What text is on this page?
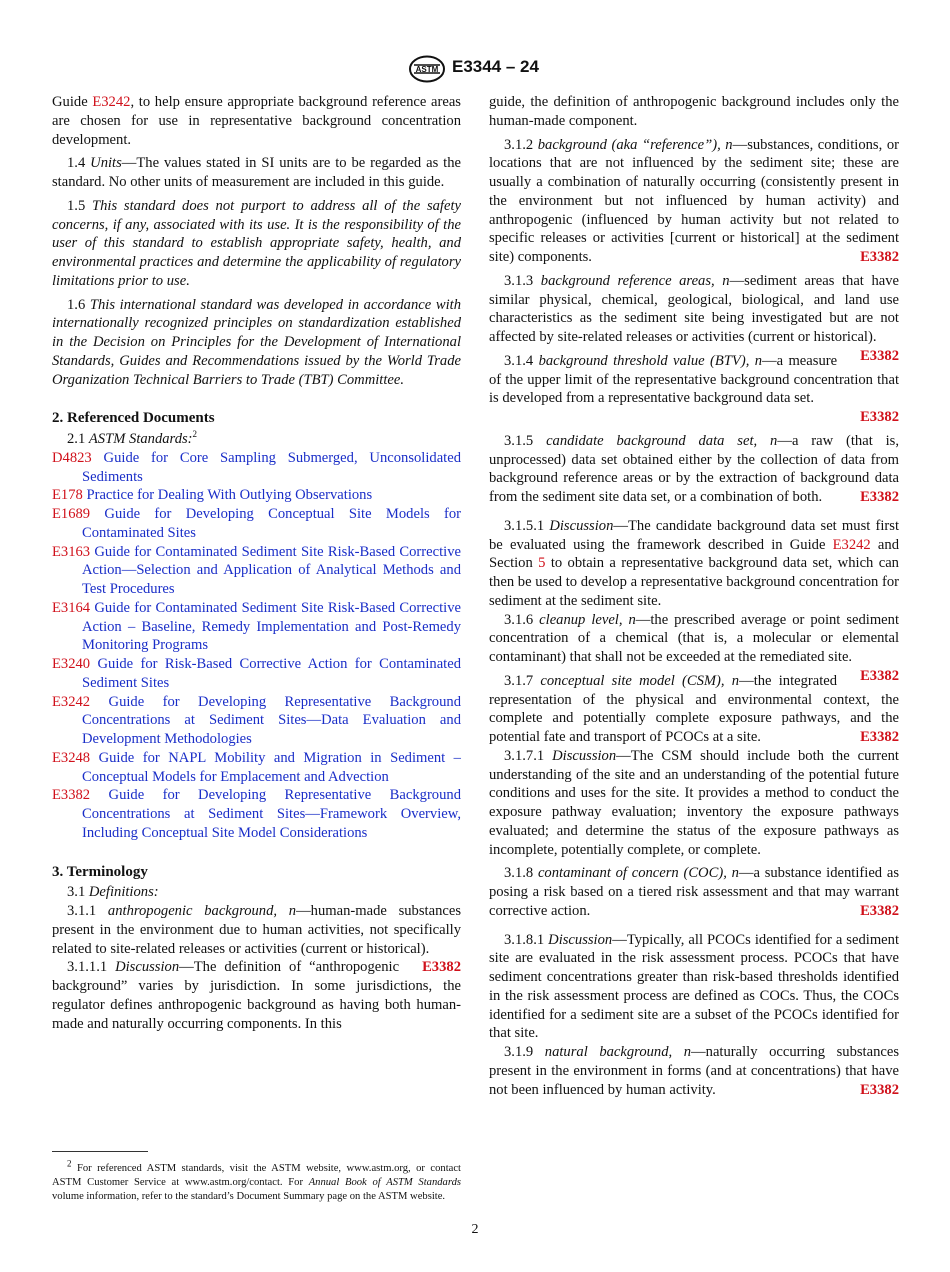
ASTM E3344 – 24

Guide E3242, to help ensure appropriate background reference areas are chosen for use in representative background concentration development.

1.4 Units—The values stated in SI units are to be regarded as the standard. No other units of measurement are included in this guide.

1.5 This standard does not purport to address all of the safety concerns, if any, associated with its use. It is the responsibility of the user of this standard to establish appropriate safety, health, and environmental practices and determine the applicability of regulatory limitations prior to use.

1.6 This international standard was developed in accordance with internationally recognized principles on standardization established in the Decision on Principles for the Development of International Standards, Guides and Recommendations issued by the World Trade Organization Technical Barriers to Trade (TBT) Committee.

2. Referenced Documents

2.1 ASTM Standards:$^2$

D4823 Guide for Core Sampling Submerged, Unconsolidated Sediments
E178 Practice for Dealing With Outlying Observations
E1689 Guide for Developing Conceptual Site Models for Contaminated Sites
E3163 Guide for Contaminated Sediment Site Risk-Based Corrective Action—Selection and Application of Analytical Methods and Test Procedures
E3164 Guide for Contaminated Sediment Site Risk-Based Corrective Action – Baseline, Remedy Implementation and Post-Remedy Monitoring Programs
E3240 Guide for Risk-Based Corrective Action for Contaminated Sediment Sites
E3242 Guide for Developing Representative Background Concentrations at Sediment Sites—Data Evaluation and Development Methodologies
E3248 Guide for NAPL Mobility and Migration in Sediment – Conceptual Models for Emplacement and Advection
E3382 Guide for Developing Representative Background Concentrations at Sediment Sites—Framework Overview, Including Conceptual Site Model Considerations
3. Terminology

3.1 Definitions:

3.1.1 anthropogenic background, n—human-made substances present in the environment due to human activities, not specifically related to site-related releases or activities (current or historical).
E3382

3.1.1.1 Discussion—The definition of “anthropogenic background” varies by jurisdiction. In some jurisdictions, the regulator defines anthropogenic background as having both human-made and naturally occurring components. In this

guide, the definition of anthropogenic background includes only the human-made component.

3.1.2 background (aka “reference”), n—substances, conditions, or locations that are not influenced by the sediment site; these are usually a combination of naturally occurring (consistently present in the environment but not influenced by human activity) and anthropogenic (influenced by human activity but not related to specific releases or activities [current or historical] at the sediment site) components.	E3382

3.1.3 background reference areas, n—sediment areas that have similar physical, chemical, geological, biological, and land use characteristics as the sediment site being investigated but are not affected by site-related releases or activities (current or historical).
E3382

3.1.4 background threshold value (BTV), n—a measure of the upper limit of the representative background concentration that is developed from a representative background data set.

E3382

3.1.5 candidate background data set, n—a raw (that is, unprocessed) data set obtained either by the collection of data from background reference areas or by the extraction of background data from the sediment site data set, or a combination of both.	E3382

3.1.5.1 Discussion—The candidate background data set must first be evaluated using the framework described in Guide E3242 and Section 5 to obtain a representative background data set, which can then be used to develop a representative background concentration for sediment at the sediment site.

3.1.6 cleanup level, n—the prescribed average or point sediment concentration of a chemical (that is, a molecular or elemental contaminant) that shall not be exceeded at the remediated site.
E3382

3.1.7 conceptual site model (CSM), n—the integrated representation of the physical and environmental context, the complete and potentially complete exposure pathways, and the potential fate and transport of PCOCs at a site.	E3382

3.1.7.1 Discussion—The CSM should include both the current understanding of the site and an understanding of the potential future conditions and uses for the site. It provides a method to conduct the exposure pathway evaluation; inventory the exposure pathways evaluated; and determine the status of the exposure pathways as incomplete, potentially complete, or complete.

3.1.8 contaminant of concern (COC), n—a substance identified as posing a risk based on a tiered risk assessment and that may warrant corrective action.	E3382

3.1.8.1 Discussion—Typically, all PCOCs identified for a sediment site are evaluated in the risk assessment process. PCOCs that have sediment concentrations greater than risk-based thresholds identified in the risk assessment process are defined as COCs. Thus, the COCs identified for a sediment site are a subset of the PCOCs identified for that site.

3.1.9 natural background, n—naturally occurring substances present in the environment in forms (and at concentrations) that have not been influenced by human activity.	E3382

$^2$ For referenced ASTM standards, visit the ASTM website, www.astm.org, or contact ASTM Customer Service at www.astm.org/contact. For Annual Book of ASTM Standards volume information, refer to the standard’s Document Summary page on the ASTM website.
2
